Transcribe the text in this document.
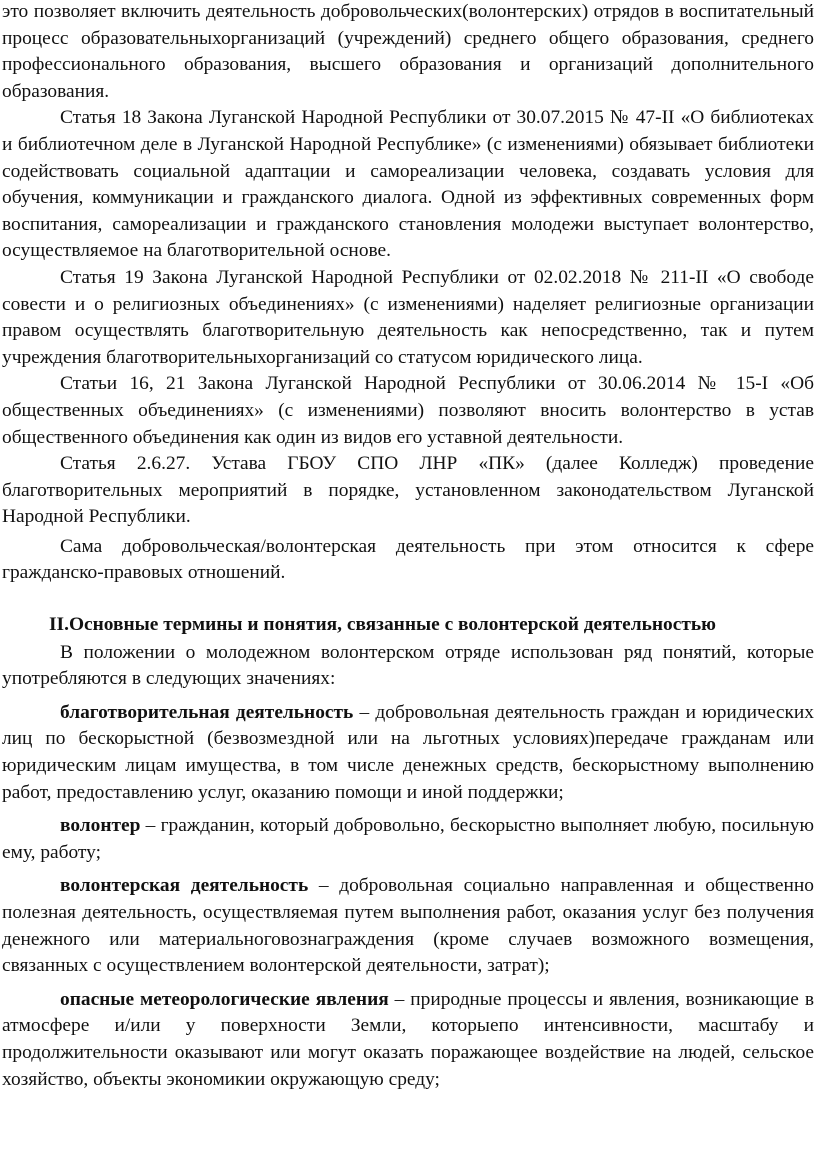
это позволяет включить деятельность добровольческих(волонтерских) отрядов в воспитательный процесс образовательныхорганизаций (учреждений) среднего общего образования, среднего профессионального образования, высшего образования и организаций дополнительного образования.

Статья 18 Закона Луганской Народной Республики от 30.07.2015 № 47-II «О библиотеках и библиотечном деле в Луганской Народной Республике» (с изменениями) обязывает библиотеки содействовать социальной адаптации и самореализации человека, создавать условия для обучения, коммуникации и гражданского диалога. Одной из эффективных современных форм воспитания, самореализации и гражданского становления молодежи выступает волонтерство, осуществляемое на благотворительной основе.

Статья 19 Закона Луганской Народной Республики от 02.02.2018 № 211-II «О свободе совести и о религиозных объединениях» (с изменениями) наделяет религиозные организации правом осуществлять благотворительную деятельность как непосредственно, так и путем учреждения благотворительныхорганизаций со статусом юридического лица.

Статьи 16, 21 Закона Луганской Народной Республики от 30.06.2014 № 15-I «Об общественных объединениях» (с изменениями) позволяют вносить волонтерство в устав общественного объединения как один из видов его уставной деятельности.

Статья 2.6.27. Устава ГБОУ СПО ЛНР «ПК» (далее Колледж) проведение благотворительных мероприятий в порядке, установленном законодательством Луганской Народной Республики.

Сама добровольческая/волонтерская деятельность при этом относится к сфере гражданско-правовых отношений.

II.Основные термины и понятия, связанные с волонтерской деятельностью

В положении о молодежном волонтерском отряде использован ряд понятий, которые употребляются в следующих значениях:

благотворительная деятельность – добровольная деятельность граждан и юридических лиц по бескорыстной (безвозмездной или на льготных условиях)передаче гражданам или юридическим лицам имущества, в том числе денежных средств, бескорыстному выполнению работ, предоставлению услуг, оказанию помощи и иной поддержки;

волонтер – гражданин, который добровольно, бескорыстно выполняет любую, посильную ему, работу;

волонтерская деятельность – добровольная социально направленная и общественно полезная деятельность, осуществляемая путем выполнения работ, оказания услуг без получения денежного или материальноговознаграждения (кроме случаев возможного возмещения, связанных с осуществлением волонтерской деятельности, затрат);

опасные метеорологические явления – природные процессы и явления, возникающие в атмосфере и/или у поверхности Земли, которыепо интенсивности, масштабу и продолжительности оказывают или могут оказать поражающее воздействие на людей, сельское хозяйство, объекты экономикии окружающую среду;
